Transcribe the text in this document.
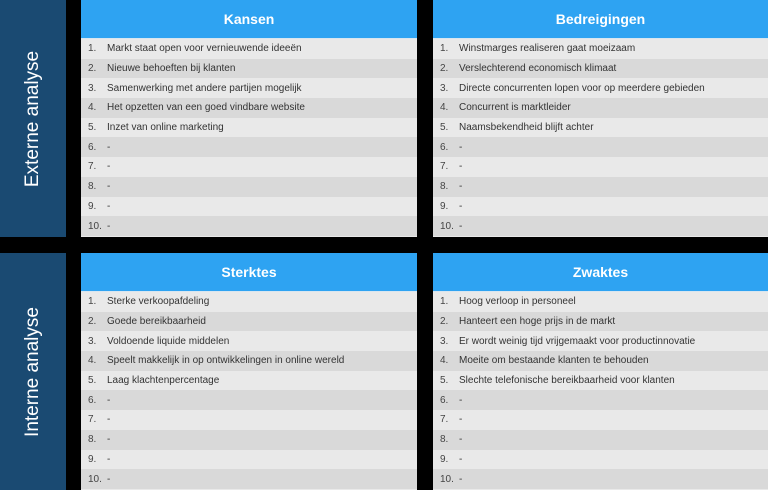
Externe analyse
Interne analyse
Kansen
1.	Markt staat open voor vernieuwende ideeën
2.	Nieuwe behoeften bij klanten
3.	Samenwerking met andere partijen mogelijk
4.	Het opzetten van een goed vindbare website
5.	Inzet van online marketing
6.	-
7.	-
8.	-
9.	-
10. -
Bedreigingen
1.	Winstmarges realiseren gaat moeizaam
2.	Verslechterend economisch klimaat
3.	Directe concurrenten lopen voor op meerdere gebieden
4.	Concurrent is marktleider
5.	Naamsbekendheid blijft achter
6.	-
7.	-
8.	-
9.	-
10. -
Sterktes
1.	Sterke verkoopafdeling
2.	Goede bereikbaarheid
3.	Voldoende liquide middelen
4.	Speelt makkelijk in op ontwikkelingen in online wereld
5.	Laag klachtenpercentage
6.	-
7.	-
8.	-
9.	-
10. -
Zwaktes
1.	Hoog verloop in personeel
2.	Hanteert een hoge prijs in de markt
3.	Er wordt weinig tijd vrijgemaakt voor productinnovatie
4.	Moeite om bestaande klanten te behouden
5.	Slechte telefonische bereikbaarheid voor klanten
6.	-
7.	-
8.	-
9.	-
10. -
